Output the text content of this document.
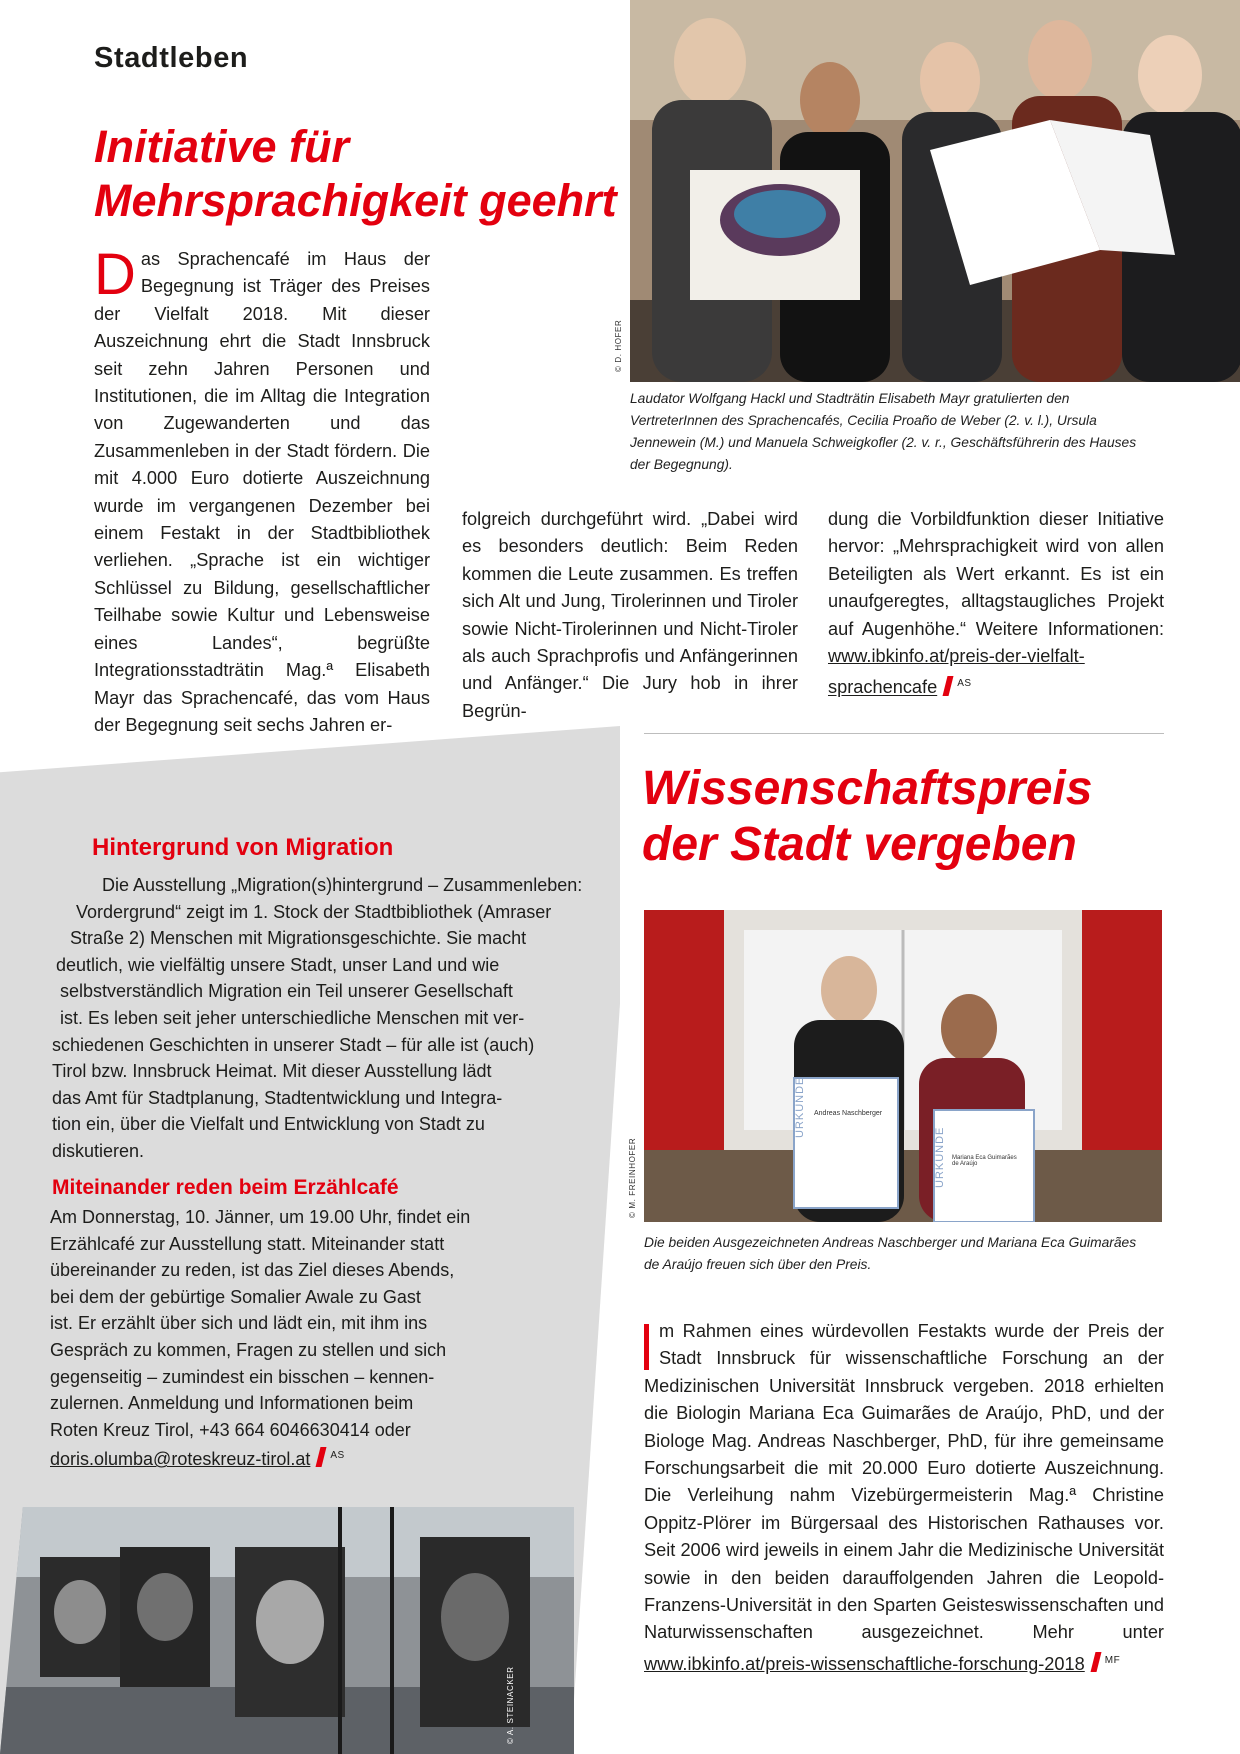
Stadtleben
Initiative für
Mehrsprachigkeit geehrt
© D. HOFER
Laudator Wolfgang Hackl und Stadträtin Elisabeth Mayr gratulierten den VertreterInnen des Sprachencafés, Cecilia Proaño de Weber (2. v. l.), Ursula Jennewein (M.) und Manuela Schweigkofler (2. v. r., Geschäftsführerin des Hauses der Begegnung).
D as Sprachencafé im Haus der Begegnung ist Träger des Preises der Vielfalt 2018. Mit dieser Auszeichnung ehrt die Stadt Innsbruck seit zehn Jahren Personen und Institutionen, die im Alltag die Integration von Zugewanderten und das Zusammenleben in der Stadt fördern. Die mit 4.000 Euro dotierte Auszeichnung wurde im vergangenen Dezember bei einem Festakt in der Stadtbibliothek verliehen. „Sprache ist ein wichtiger Schlüssel zu Bildung, gesellschaftlicher Teilhabe sowie Kultur und Lebensweise eines Landes“, begrüßte Integrationsstadträtin Mag.ª Elisabeth Mayr das Sprachencafé, das vom Haus der Begegnung seit sechs Jahren er-
folgreich durchgeführt wird. „Dabei wird es besonders deutlich: Beim Reden kommen die Leute zusammen. Es treffen sich Alt und Jung, Tirolerinnen und Tiroler sowie Nicht-Tirolerinnen und Nicht-Tiroler als auch Sprachprofis und Anfängerinnen und Anfänger.“ Die Jury hob in ihrer Begrün-
dung die Vorbildfunktion dieser Initiative hervor: „Mehrsprachigkeit wird von allen Beteiligten als Wert erkannt. Es ist ein unaufgeregtes, alltagstaugliches Projekt auf Augenhöhe.“ Weitere Informationen: www.ibkinfo.at/preis-der-vielfalt-
sprachencafe $^{AS}$
Hintergrund von Migration
Die Ausstellung „Migration(s)hintergrund – Zusammenleben:
Vordergrund“ zeigt im 1. Stock der Stadtbibliothek (Amraser
Straße 2) Menschen mit Migrationsgeschichte. Sie macht
deutlich, wie vielfältig unsere Stadt, unser Land und wie
selbstverständlich Migration ein Teil unserer Gesellschaft
ist. Es leben seit jeher unterschiedliche Menschen mit ver-
schiedenen Geschichten in unserer Stadt – für alle ist (auch)
Tirol bzw. Innsbruck Heimat. Mit dieser Ausstellung lädt
das Amt für Stadtplanung, Stadtentwicklung und Integra-
tion ein, über die Vielfalt und Entwicklung von Stadt zu
diskutieren.
Miteinander reden beim Erzählcafé
Am Donnerstag, 10. Jänner, um 19.00 Uhr, findet ein
Erzählcafé zur Ausstellung statt. Miteinander statt
übereinander zu reden, ist das Ziel dieses Abends,
bei dem der gebürtige Somalier Awale zu Gast
ist. Er erzählt über sich und lädt ein, mit ihm ins
Gespräch zu kommen, Fragen zu stellen und sich
gegenseitig – zumindest ein bisschen – kennen-
zulernen. Anmeldung und Informationen beim
Roten Kreuz Tirol, +43 664 6046630414 oder
doris.olumba@roteskreuz-tirol.at $^{AS}$
© A. STEINACKER
Wissenschaftspreis
der Stadt vergeben
Andreas Naschberger
Mariana Eca Guimarães de Araújo
URKUNDE
URKUNDE
© M. FREINHOFER
Die beiden Ausgezeichneten Andreas Naschberger und Mariana Eca Guimarães de Araújo freuen sich über den Preis.
m Rahmen eines würdevollen Festakts wurde der Preis der Stadt Innsbruck für wissenschaftliche Forschung an der Medizinischen Universität Innsbruck vergeben. 2018 erhielten die Biologin Mariana Eca Guimarães de Araújo, PhD, und der Biologe Mag. Andreas Naschberger, PhD, für ihre gemeinsame Forschungsarbeit die mit 20.000 Euro dotierte Auszeichnung. Die Verleihung nahm Vizebürgermeisterin Mag.ª Christine Oppitz-Plörer im Bürgersaal des Historischen Rathauses vor. Seit 2006 wird jeweils in einem Jahr die Medizinische Universität sowie in den beiden darauffolgenden Jahren die Leopold-Franzens-Universität in den Sparten Geisteswissenschaften und Naturwissenschaften ausgezeichnet. Mehr unter www.ibkinfo.at/preis-wissenschaftliche-forschung-2018 $^{MF}$
